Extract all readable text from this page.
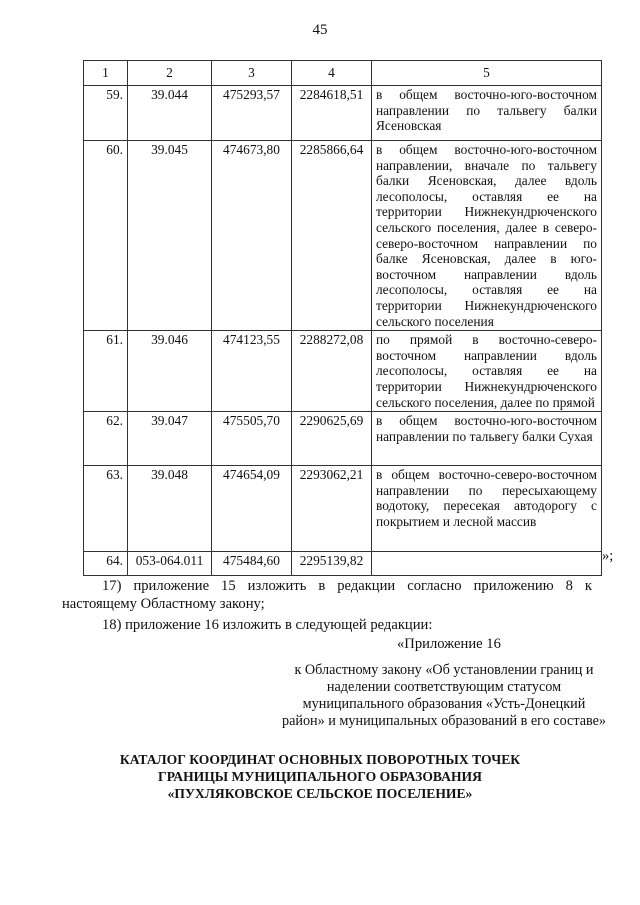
45
1	2	3	4	5
59.	39.044	475293,57	2284618,51	в общем восточно-юго-восточном направлении по тальвегу балки Ясеновская
60.	39.045	474673,80	2285866,64	в общем восточно-юго-восточном направлении, вначале по тальвегу балки Ясеновская, далее вдоль лесополосы, оставляя ее на территории Нижнекундрюченского сельского поселения, далее в северо-северо-восточном направлении по балке Ясеновская, далее в юго-восточном направлении вдоль лесополосы, оставляя ее на территории Нижнекундрюченского сельского поселения
61.	39.046	474123,55	2288272,08	по прямой в восточно-северо-восточном направлении вдоль лесополосы, оставляя ее на территории Нижнекундрюченского сельского поселения, далее по прямой
62.	39.047	475505,70	2290625,69	в общем восточно-юго-восточном направлении по тальвегу балки Сухая
63.	39.048	474654,09	2293062,21	в общем восточно-северо-восточном направлении по пересыхающему водотоку, пересекая автодорогу с покрытием и лесной массив
64.	053-064.011	475484,60	2295139,82		»;

17) приложение 15 изложить в редакции согласно приложению 8 к настоящему Областному закону;

18) приложение 16 изложить в следующей редакции:

«Приложение 16

к Областному закону «Об установлении границ и наделении соответствующим статусом муниципального образования «Усть-Донецкий район» и муниципальных образований в его составе»

КАТАЛОГ КООРДИНАТ ОСНОВНЫХ ПОВОРОТНЫХ ТОЧЕК
ГРАНИЦЫ МУНИЦИПАЛЬНОГО ОБРАЗОВАНИЯ
«ПУХЛЯКОВСКОЕ СЕЛЬСКОЕ ПОСЕЛЕНИЕ»
